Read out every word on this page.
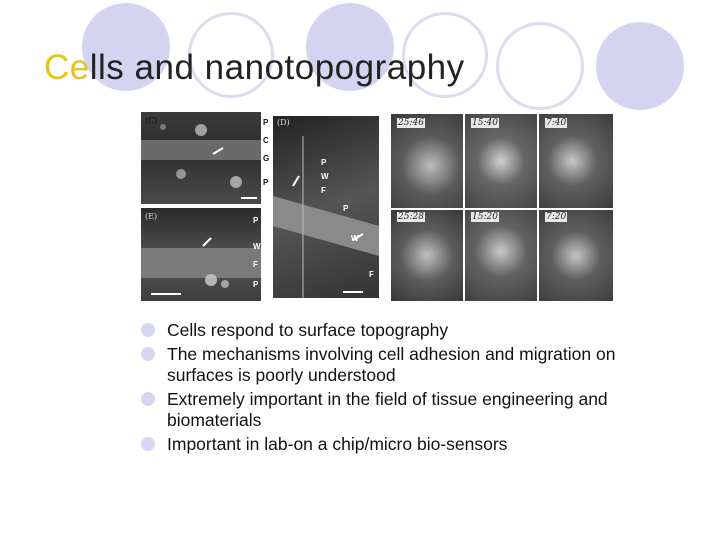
Cells and nanotopography
(C)	P
C
G
P
(D)
P
W
F
P
W
F
(E)	P
W
F
P
25:46	15:40	7:40
25:28	15:20	7:20
Cells respond to surface topography
The mechanisms involving cell adhesion and migration on surfaces is poorly understood
Extremely important in the field of tissue engineering and biomaterials
Important in lab-on a chip/micro bio-sensors
